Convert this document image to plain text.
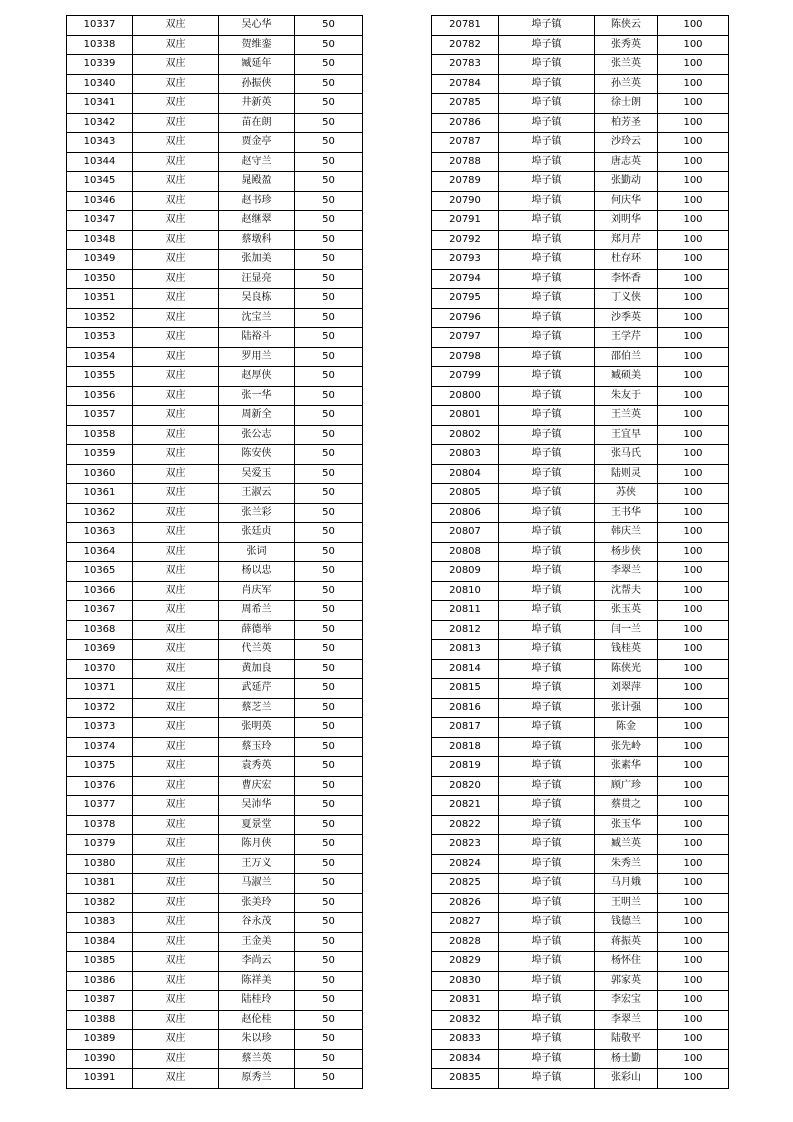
10337	双庄	吴心华	50
10338	双庄	贺维銮	50
10339	双庄	臧延年	50
10340	双庄	孙振侠	50
10341	双庄	井新英	50
10342	双庄	苗在朗	50
10343	双庄	贾金亭	50
10344	双庄	赵守兰	50
10345	双庄	晁殿盈	50
10346	双庄	赵书珍	50
10347	双庄	赵继翠	50
10348	双庄	蔡墩科	50
10349	双庄	张加美	50
10350	双庄	汪显亮	50
10351	双庄	吴良栋	50
10352	双庄	沈宝兰	50
10353	双庄	陆裕斗	50
10354	双庄	罗用兰	50
10355	双庄	赵厚侠	50
10356	双庄	张一华	50
10357	双庄	周新全	50
10358	双庄	张公志	50
10359	双庄	陈安侠	50
10360	双庄	吴爱玉	50
10361	双庄	王淑云	50
10362	双庄	张兰彩	50
10363	双庄	张廷贞	50
10364	双庄	张词	50
10365	双庄	杨以忠	50
10366	双庄	肖庆军	50
10367	双庄	周希兰	50
10368	双庄	薛德举	50
10369	双庄	代兰英	50
10370	双庄	黄加良	50
10371	双庄	武延芹	50
10372	双庄	蔡芝兰	50
10373	双庄	张明英	50
10374	双庄	蔡玉玲	50
10375	双庄	袁秀英	50
10376	双庄	曹庆宏	50
10377	双庄	吴沛华	50
10378	双庄	夏景堂	50
10379	双庄	陈月侠	50
10380	双庄	王万义	50
10381	双庄	马淑兰	50
10382	双庄	张美玲	50
10383	双庄	谷永茂	50
10384	双庄	王金美	50
10385	双庄	李尚云	50
10386	双庄	陈祥美	50
10387	双庄	陆桂玲	50
10388	双庄	赵伦桂	50
10389	双庄	朱以珍	50
10390	双庄	蔡兰英	50
10391	双庄	原秀兰	50
20781	埠子镇	陈侠云	100
20782	埠子镇	张秀英	100
20783	埠子镇	张兰英	100
20784	埠子镇	孙兰英	100
20785	埠子镇	徐士朗	100
20786	埠子镇	柏芳圣	100
20787	埠子镇	沙玲云	100
20788	埠子镇	唐志英	100
20789	埠子镇	张勤动	100
20790	埠子镇	何庆华	100
20791	埠子镇	刘明华	100
20792	埠子镇	郑月芹	100
20793	埠子镇	杜存环	100
20794	埠子镇	李怀香	100
20795	埠子镇	丁义侠	100
20796	埠子镇	沙季英	100
20797	埠子镇	王学芹	100
20798	埠子镇	邵伯兰	100
20799	埠子镇	臧硕美	100
20800	埠子镇	朱友于	100
20801	埠子镇	王兰英	100
20802	埠子镇	王宜早	100
20803	埠子镇	张马氏	100
20804	埠子镇	陆则灵	100
20805	埠子镇	苏侠	100
20806	埠子镇	王书华	100
20807	埠子镇	韩庆兰	100
20808	埠子镇	杨步侠	100
20809	埠子镇	李翠兰	100
20810	埠子镇	沈帮夫	100
20811	埠子镇	张玉英	100
20812	埠子镇	闫一兰	100
20813	埠子镇	钱桂英	100
20814	埠子镇	陈侠光	100
20815	埠子镇	刘翠萍	100
20816	埠子镇	张计强	100
20817	埠子镇	陈金	100
20818	埠子镇	张先岭	100
20819	埠子镇	张素华	100
20820	埠子镇	顾广珍	100
20821	埠子镇	蔡贯之	100
20822	埠子镇	张玉华	100
20823	埠子镇	臧兰英	100
20824	埠子镇	朱秀兰	100
20825	埠子镇	马月娥	100
20826	埠子镇	王明兰	100
20827	埠子镇	钱德兰	100
20828	埠子镇	蒋振英	100
20829	埠子镇	杨怀住	100
20830	埠子镇	郭家英	100
20831	埠子镇	李宏宝	100
20832	埠子镇	李翠兰	100
20833	埠子镇	陆敬平	100
20834	埠子镇	杨士勤	100
20835	埠子镇	张彩山	100
